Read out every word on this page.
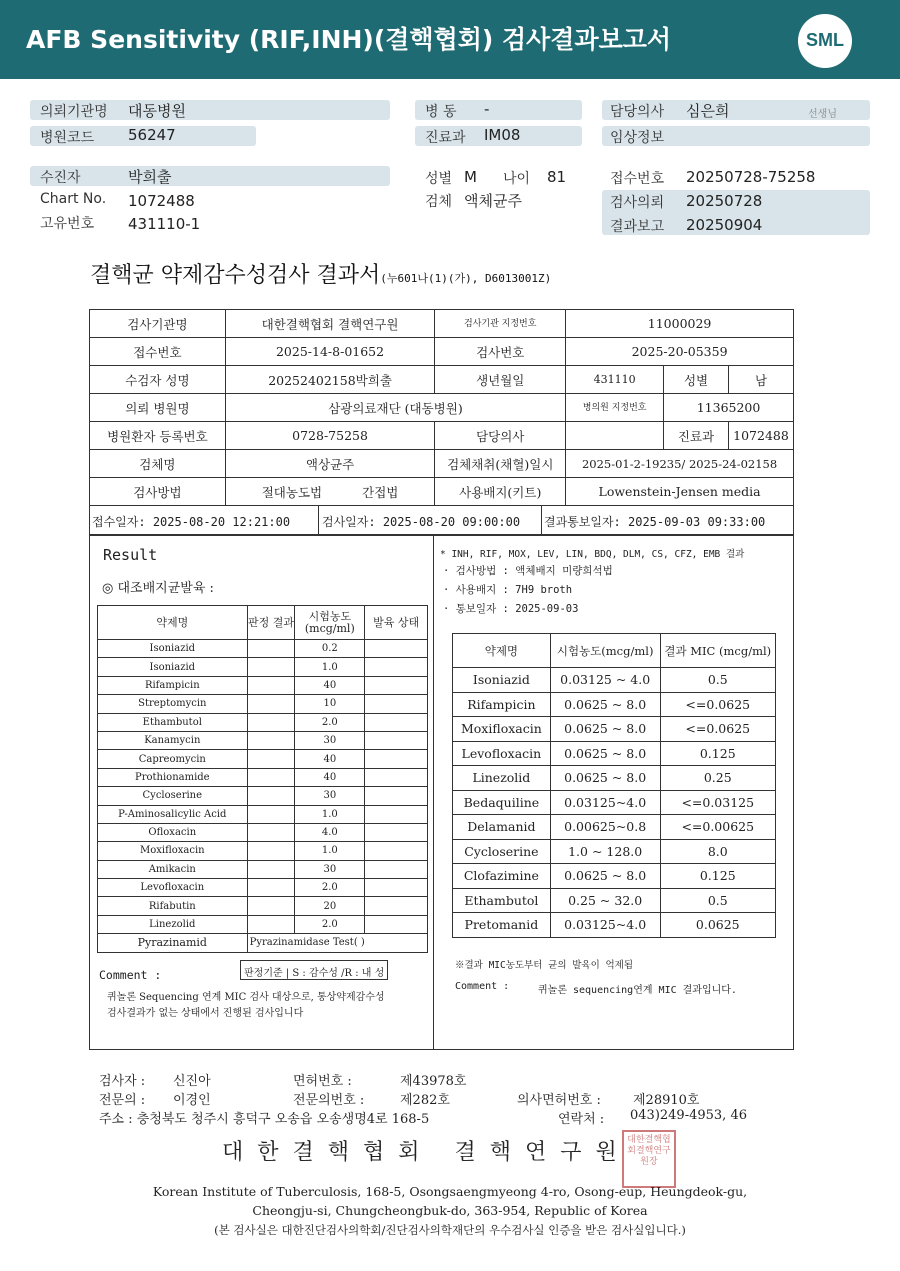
AFB Sensitivity (RIF,INH)(결핵협회) 검사결과보고서	SML
의뢰기관명 대동병원
병원코드 56247
병 동 -
진료과 IM08
담당의사 심은희	선생님
임상정보
수진자	박희출
Chart No. 1072488
고유번호 431110-1
성별 M 나이 81
검체 액체균주
접수번호 20250728-75258
검사의뢰 20250728
결과보고 20250904
결핵균 약제감수성검사 결과서(누601나(1)(가), D6013001Z)
검사기관명	대한결핵협회 결핵연구원	검사기관 지정번호	11000029		
접수번호	2025-14-8-01652	검사번호	2025-20-05359		
수검자 성명	20252402158박희출	생년월일	431110	성별	남
의뢰 병원명	삼광의료재단 (대동병원)		병의원 지정번호	11365200	
병원환자 등록번호	0728-75258	담당의사		진료과	1072488
검체명	액상균주	검체채취(채혈)일시	2025-01-2-19235/ 2025-24-02158		
검사방법	절대농도법 간접법	사용배지(키트)	Lowenstein-Jensen media		
접수일자: 2025-08-20 12:21:00	검사일자: 2025-08-20 09:00:00 결과통보일자: 2025-09-03 09:33:00
Result
◎ 대조배지균발육 :
약제명	판정 결과	시험농도 (mcg/ml)	발육 상태
Isoniazid		0.2	
Isoniazid		1.0	
Rifampicin		40	
Streptomycin		10	
Ethambutol		2.0	
Kanamycin		30	
Capreomycin		40	
Prothionamide		40	
Cycloserine		30	
P-Aminosalicylic Acid		1.0	
Ofloxacin		4.0	
Moxifloxacin		1.0	
Amikacin		30	
Levofloxacin		2.0	
Rifabutin		20	
Linezolid		2.0	
Pyrazinamid	Pyrazinamidase Test( )		
판정기준 | S : 감수성 /R : 내 성
Comment :
퀴놀론 Sequencing 연계 MIC 검사 대상으로, 통상약제감수성
검사결과가 없는 상태에서 진행된 검사입니다
* INH, RIF, MOX, LEV, LIN, BDQ, DLM, CS, CFZ, EMB 결과
· 검사방법 : 액체배지 미량희석법
· 사용배지 : 7H9 broth
· 통보일자 : 2025-09-03
약제명	시험농도(mcg/ml)	결과 MIC (mcg/ml)
Isoniazid	0.03125 ~ 4.0	0.5
Rifampicin	0.0625 ~ 8.0	<=0.0625
Moxifloxacin	0.0625 ~ 8.0	<=0.0625
Levofloxacin	0.0625 ~ 8.0	0.125
Linezolid	0.0625 ~ 8.0	0.25
Bedaquiline	0.03125~4.0	<=0.03125
Delamanid	0.00625~0.8	<=0.00625
Cycloserine	1.0 ~ 128.0	8.0
Clofazimine	0.0625 ~ 8.0	0.125
Ethambutol	0.25 ~ 32.0	0.5
Pretomanid	0.03125~4.0	0.0625
※결과 MIC농도부터 균의 발육이 억제됨
Comment :	퀴놀론 sequencing연계 MIC 결과입니다.
검사자 : 신진아	면허번호 :	제43978호
전문의 : 이경인	전문의번호 :	제282호	의사면허번호 : 제28910호
주소 : 충청북도 청주시 흥덕구 오송읍 오송생명4로 168-5	연락처 : 043)249-4953, 46
대한결핵협회 결핵연구원
대한결핵협회결핵연구원장
Korean Institute of Tuberculosis, 168-5, Osongsaengmyeong 4-ro, Osong-eup, Heungdeok-gu,
Cheongju-si, Chungcheongbuk-do, 363-954, Republic of Korea
(본 검사실은 대한진단검사의학회/진단검사의학재단의 우수검사실 인증을 받은 검사실입니다.)
